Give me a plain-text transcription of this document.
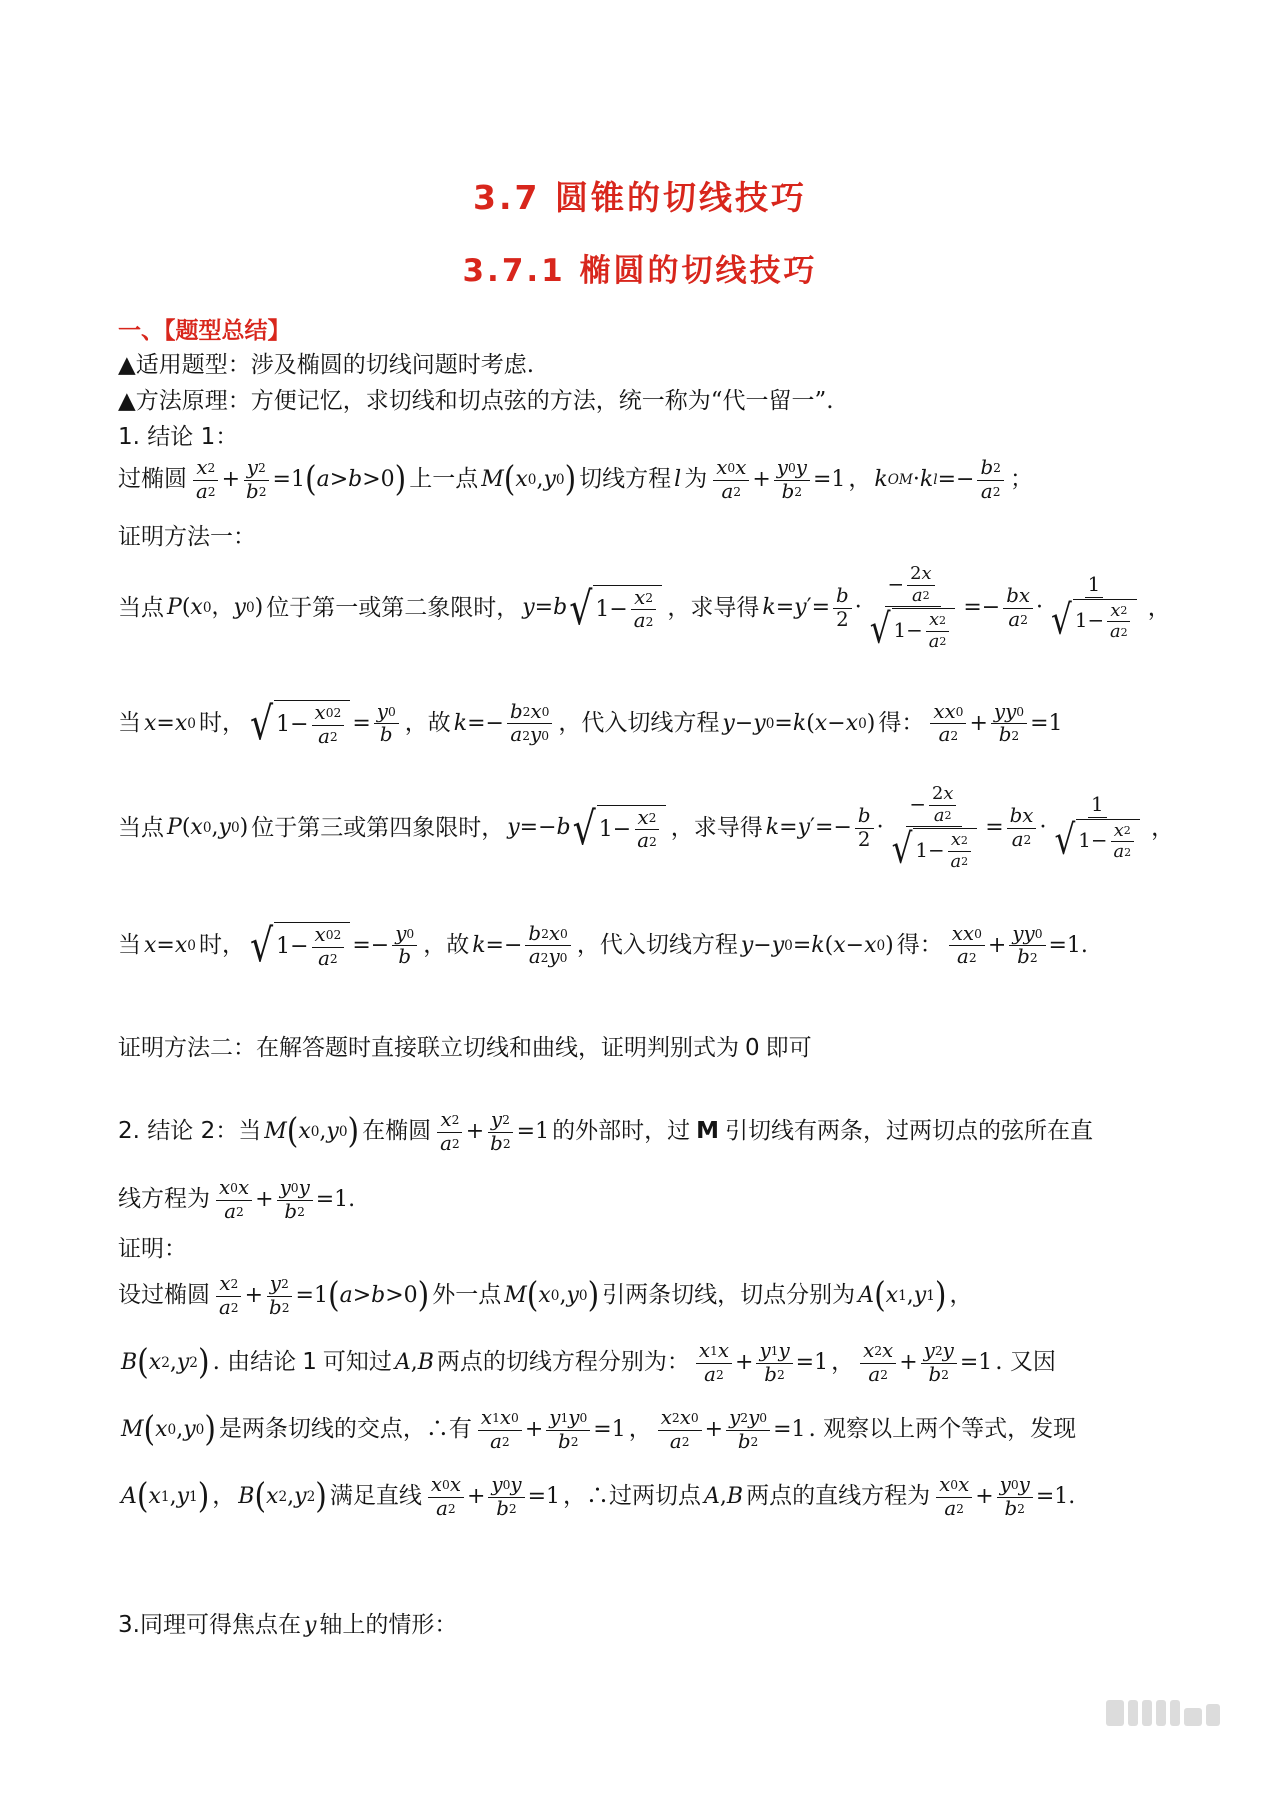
3.7 圆锥的切线技巧
3.7.1 椭圆的切线技巧
一、【题型总结】
▲适用题型： 涉及椭圆的切线问题时考虑.
▲方法原理： 方便记忆，求切线和切点弦的方法，统一称为“代一留一”.
1. 结论 1：
过椭圆 x 2
a 2
+ y 2
b 2
=1 ( a > b >0 ) 上一点 M ( x 0 , y 0 ) 切线方程 l 为 x 0 x
a 2
+ y 0 y
b 2
=1 ， k OM · k l =− b 2
a 2 ；
证明方法一：
当点 P ( x 0 ， y 0 ) 位于第一或第二象限时， y = b √ 1− x 2
a 2
，求导得 k = y ′= b
2 ·
− 2 x
a 2
√ 1− x 2
a 2
=− bx
a 2
·
1
√ 1− x 2
a 2
，
当 x = x 0 时， √ 1− x 0 2
a 2
= y 0
b ，故 k =− b 2 x 0
a 2 y 0 ，代入切线方程 y − y 0 = k ( x − x 0 ) 得： xx 0
a 2
+ yy 0
b 2
=1
当点 P ( x 0 , y 0 ) 位于第三或第四象限时， y =− b √ 1− x 2
a 2
，求导得 k = y ′=− b
2 ·
− 2 x
a 2
√ 1− x 2
a 2
= bx
a 2
·
1
√ 1− x 2
a 2
，
当 x = x 0 时， √ 1− x 0 2
a 2
=− y 0
b ，故 k =− b 2 x 0
a 2 y 0 ，代入切线方程 y − y 0 = k ( x − x 0 ) 得： xx 0
a 2
+ yy 0
b 2
=1.
证明方法二： 在解答题时直接联立切线和曲线，证明判别式为 0 即可
2. 结论 2： 当 M ( x 0 , y 0 ) 在椭圆 x 2
a 2
+ y 2
b 2
=1 的外部时，过 M 引切线有两条，过两切点的弦所在直
线方程为 x 0 x
a 2
+ y 0 y
b 2
=1.
证明：
设过椭圆 x 2
a 2
+ y 2
b 2
=1 ( a > b >0 ) 外一点 M ( x 0 , y 0 ) 引两条切线，切点分别为 A ( x 1 , y 1 ) ，
B ( x 2 , y 2 ) . 由结论 1 可知过 A , B 两点的切线方程分别为： x 1 x
a 2
+ y 1 y
b 2
=1 ， x 2 x
a 2
+ y 2 y
b 2
=1 . 又因
M ( x 0 , y 0 ) 是两条切线的交点，∴有 x 1 x 0
a 2
+ y 1 y 0
b 2
=1 ， x 2 x 0
a 2
+ y 2 y 0
b 2
=1 . 观察以上两个等式，发现
A ( x 1 , y 1 ) ， B ( x 2 , y 2 ) 满足直线 x 0 x
a 2
+ y 0 y
b 2
=1 ，∴过两切点 A , B 两点的直线方程为 x 0 x
a 2
+ y 0 y
b 2
=1.
3. 同理可得焦点在 y 轴上的情形：
